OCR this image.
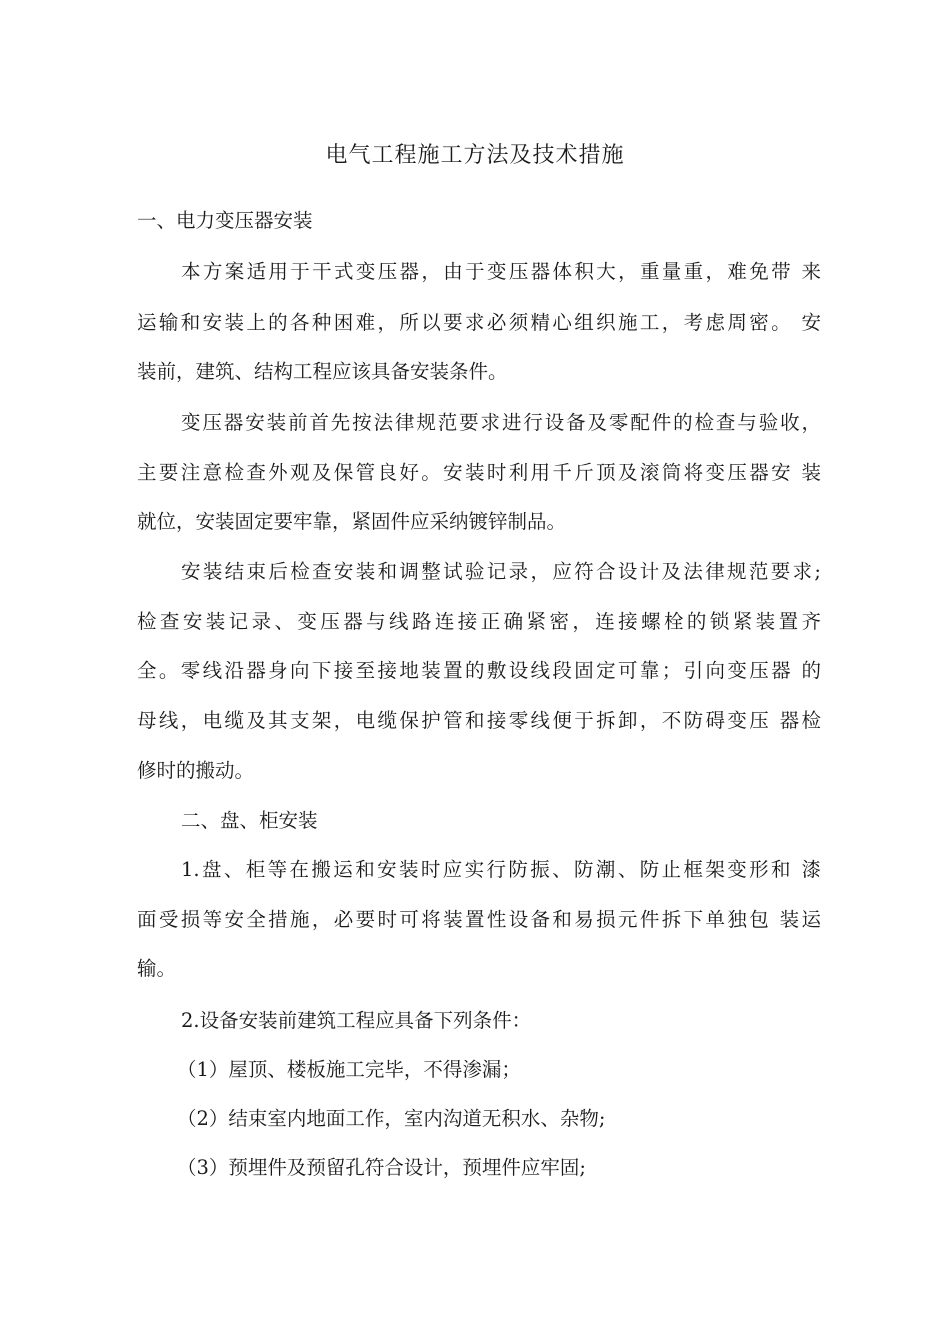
电气工程施工方法及技术措施
一、电力变压器安装
本方案适用于干式变压器，由于变压器体积大，重量重，难免带 来
运输和安装上的各种困难，所以要求必须精心组织施工，考虑周密。 安
装前，建筑、结构工程应该具备安装条件。
变压器安装前首先按法律规范要求进行设备及零配件的检查与验收，
主要注意检查外观及保管良好。安装时利用千斤顶及滚筒将变压器安 装
就位，安装固定要牢靠，紧固件应采纳镀锌制品。
安装结束后检查安装和调整试验记录，应符合设计及法律规范要求;
检查安装记录、变压器与线路连接正确紧密，连接螺栓的锁紧装置齐
全。零线沿器身向下接至接地装置的敷设线段固定可靠；引向变压器 的
母线，电缆及其支架，电缆保护管和接零线便于拆卸，不防碍变压 器检
修时的搬动。
二、盘、柜安装
1.盘、柜等在搬运和安装时应实行防振、防潮、防止框架变形和 漆
面受损等安全措施，必要时可将装置性设备和易损元件拆下单独包 装运
输。
2.设备安装前建筑工程应具备下列条件：
（1）屋顶、楼板施工完毕，不得渗漏；
（2）结束室内地面工作，室内沟道无积水、杂物;
（3）预埋件及预留孔符合设计，预埋件应牢固;
